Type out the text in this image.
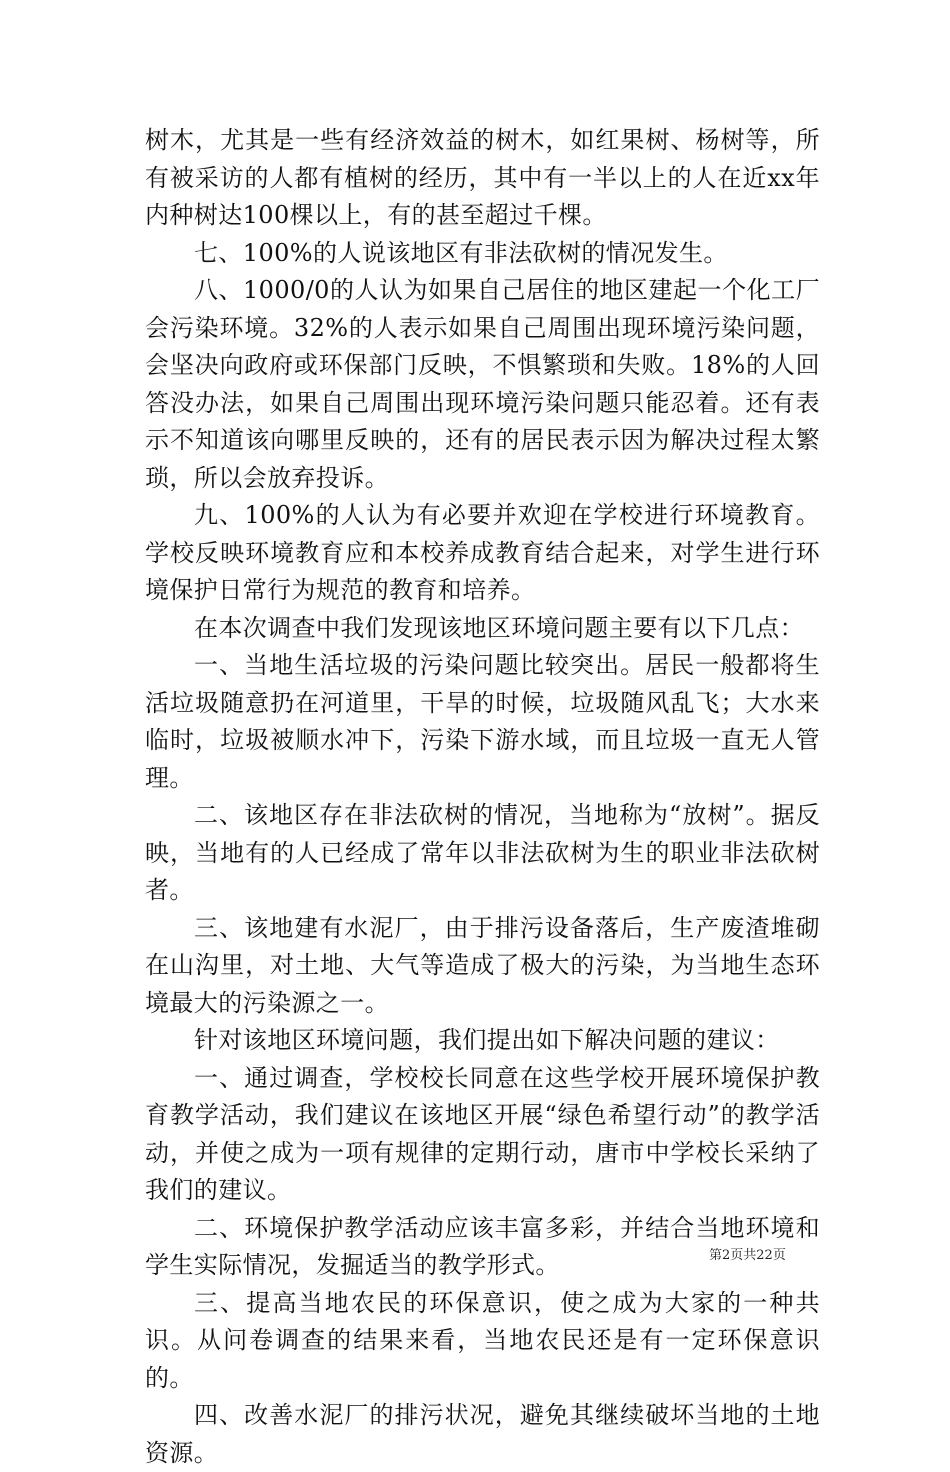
树木，尤其是一些有经济效益的树木，如红果树、杨树等，所有被采访的人都有植树的经历，其中有一半以上的人在近xx年内种树达100棵以上，有的甚至超过千棵。

七、100%的人说该地区有非法砍树的情况发生。

八、1000/0的人认为如果自己居住的地区建起一个化工厂会污染环境。32%的人表示如果自己周围出现环境污染问题，会坚决向政府或环保部门反映，不惧繁琐和失败。18%的人回答没办法，如果自己周围出现环境污染问题只能忍着。还有表示不知道该向哪里反映的，还有的居民表示因为解决过程太繁琐，所以会放弃投诉。

九、100%的人认为有必要并欢迎在学校进行环境教育。学校反映环境教育应和本校养成教育结合起来，对学生进行环境保护日常行为规范的教育和培养。

在本次调查中我们发现该地区环境问题主要有以下几点：

一、当地生活垃圾的污染问题比较突出。居民一般都将生活垃圾随意扔在河道里，干旱的时候，垃圾随风乱飞；大水来临时，垃圾被顺水冲下，污染下游水域，而且垃圾一直无人管理。

二、该地区存在非法砍树的情况，当地称为“放树”。据反映，当地有的人已经成了常年以非法砍树为生的职业非法砍树者。

三、该地建有水泥厂，由于排污设备落后，生产废渣堆砌在山沟里，对土地、大气等造成了极大的污染，为当地生态环境最大的污染源之一。

针对该地区环境问题，我们提出如下解决问题的建议：

一、通过调查，学校校长同意在这些学校开展环境保护教育教学活动，我们建议在该地区开展“绿色希望行动”的教学活动，并使之成为一项有规律的定期行动，唐市中学校长采纳了我们的建议。

二、环境保护教学活动应该丰富多彩，并结合当地环境和学生实际情况，发掘适当的教学形式。

三、提高当地农民的环保意识，使之成为大家的一种共识。从问卷调查的结果来看，当地农民还是有一定环保意识的。

四、改善水泥厂的排污状况，避免其继续破坏当地的土地资源。

第2页共22页
